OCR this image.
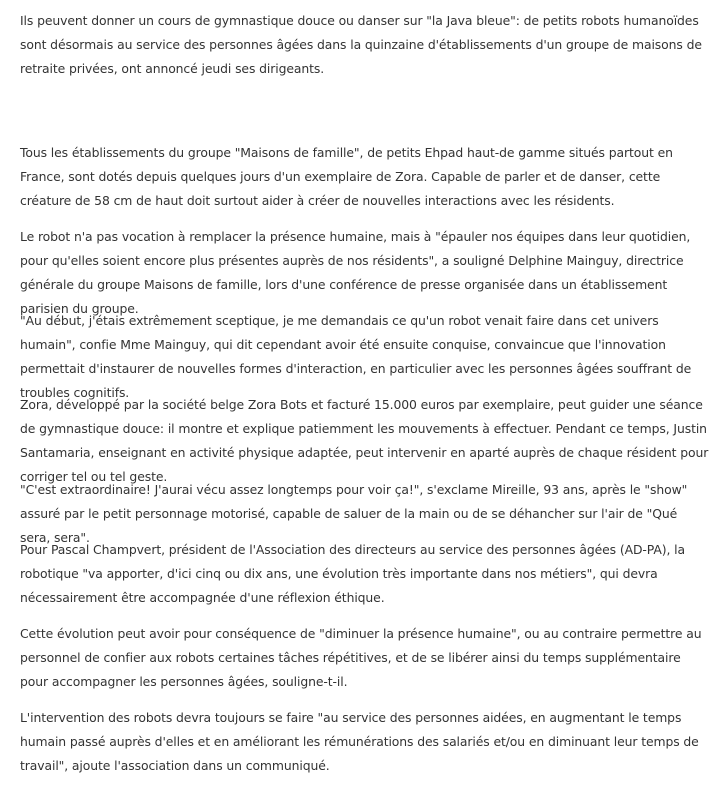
Ils peuvent donner un cours de gymnastique douce ou danser sur "la Java bleue": de petits robots humanoïdes sont désormais au service des personnes âgées dans la quinzaine d'établissements d'un groupe de maisons de retraite privées, ont annoncé jeudi ses dirigeants.

Tous les établissements du groupe "Maisons de famille", de petits Ehpad haut-de gamme situés partout en France, sont dotés depuis quelques jours d'un exemplaire de Zora. Capable de parler et de danser, cette créature de 58 cm de haut doit surtout aider à créer de nouvelles interactions avec les résidents.

Le robot n'a pas vocation à remplacer la présence humaine, mais à "épauler nos équipes dans leur quotidien, pour qu'elles soient encore plus présentes auprès de nos résidents", a souligné Delphine Mainguy, directrice générale du groupe Maisons de famille, lors d'une conférence de presse organisée dans un établissement parisien du groupe.

"Au début, j'étais extrêmement sceptique, je me demandais ce qu'un robot venait faire dans cet univers humain", confie Mme Mainguy, qui dit cependant avoir été ensuite conquise, convaincue que l'innovation permettait d'instaurer de nouvelles formes d'interaction, en particulier avec les personnes âgées souffrant de troubles cognitifs.

Zora, développé par la société belge Zora Bots et facturé 15.000 euros par exemplaire, peut guider une séance de gymnastique douce: il montre et explique patiemment les mouvements à effectuer. Pendant ce temps, Justin Santamaria, enseignant en activité physique adaptée, peut intervenir en aparté auprès de chaque résident pour corriger tel ou tel geste.

"C'est extraordinaire! J'aurai vécu assez longtemps pour voir ça!", s'exclame Mireille, 93 ans, après le "show" assuré par le petit personnage motorisé, capable de saluer de la main ou de se déhancher sur l'air de "Qué sera, sera".

Pour Pascal Champvert, président de l'Association des directeurs au service des personnes âgées (AD-PA), la robotique "va apporter, d'ici cinq ou dix ans, une évolution très importante dans nos métiers", qui devra nécessairement être accompagnée d'une réflexion éthique.

Cette évolution peut avoir pour conséquence de "diminuer la présence humaine", ou au contraire permettre au personnel de confier aux robots certaines tâches répétitives, et de se libérer ainsi du temps supplémentaire pour accompagner les personnes âgées, souligne-t-il.

L'intervention des robots devra toujours se faire "au service des personnes aidées, en augmentant le temps humain passé auprès d'elles et en améliorant les rémunérations des salariés et/ou en diminuant leur temps de travail", ajoute l'association dans un communiqué.
